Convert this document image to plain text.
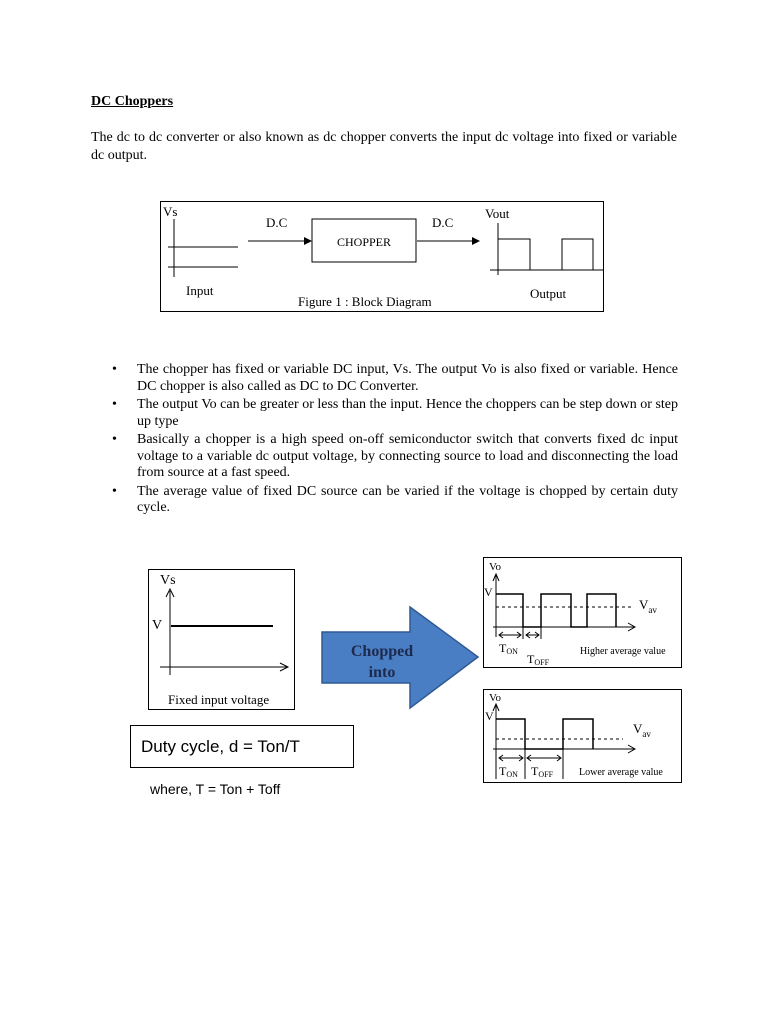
DC Choppers
The dc to dc converter or also known as dc chopper converts the input dc voltage into fixed or variable dc output.
Vs
Input
D.C
CHOPPER
D.C
Vout
Output
Figure 1 : Block Diagram
• The chopper has fixed or variable DC input, Vs. The output Vo is also fixed or variable. Hence DC chopper is also called as DC to DC Converter.
• The output Vo can be greater or less than the input. Hence the choppers can be step down or step up type
• Basically a chopper is a high speed on-off semiconductor switch that converts fixed dc input voltage to a variable dc output voltage, by connecting source to load and disconnecting the load from source at a fast speed.
• The average value of fixed DC source can be varied if the voltage is chopped by certain duty cycle.
Vs
V
Fixed input voltage
Chopped
into
Vo
V
$V_{av}$
TON
TOFF
Higher average value
Vo
V
$V_{av}$
TON TOFF	Lower average value
Duty cycle, d = Ton/T
where, T = Ton + Toff
